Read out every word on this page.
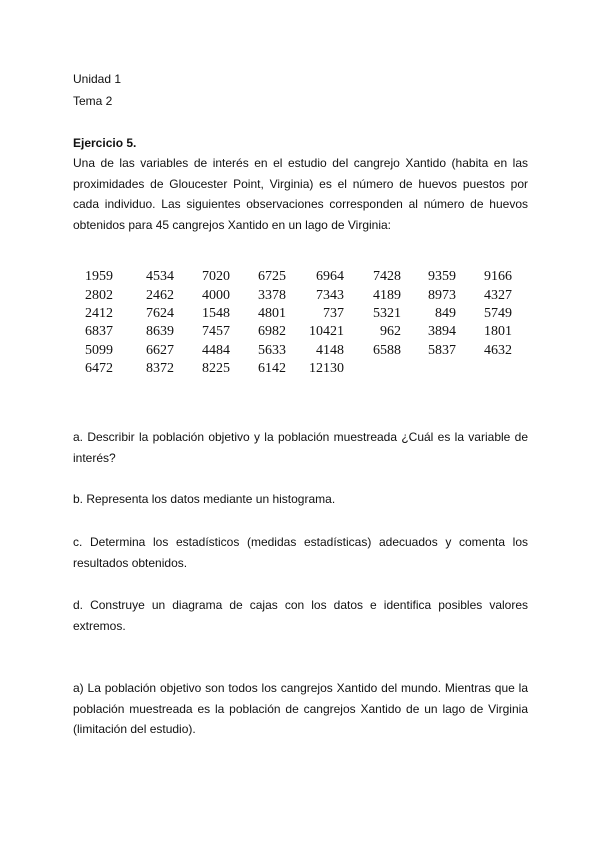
Unidad 1
Tema 2
Ejercicio 5.

Una de las variables de interés en el estudio del cangrejo Xantido (habita en las proximidades de Gloucester Point, Virginia) es el número de huevos puestos por cada individuo. Las siguientes observaciones corresponden al número de huevos obtenidos para 45 cangrejos Xantido en un lago de Virginia:

1959	4534	7020	6725	6964	7428	9359	9166
2802	2462	4000	3378	7343	4189	8973	4327
2412	7624	1548	4801	737	5321	849	5749
6837	8639	7457	6982	10421	962	3894	1801
5099	6627	4484	5633	4148	6588	5837	4632
6472	8372	8225	6142	12130			

a. Describir la población objetivo y la población muestreada ¿Cuál es la variable de interés?

b. Representa los datos mediante un histograma.

c. Determina los estadísticos (medidas estadísticas) adecuados y comenta los resultados obtenidos.

d. Construye un diagrama de cajas con los datos e identifica posibles valores extremos.

a) La población objetivo son todos los cangrejos Xantido del mundo. Mientras que la población muestreada es la población de cangrejos Xantido de un lago de Virginia (limitación del estudio).
